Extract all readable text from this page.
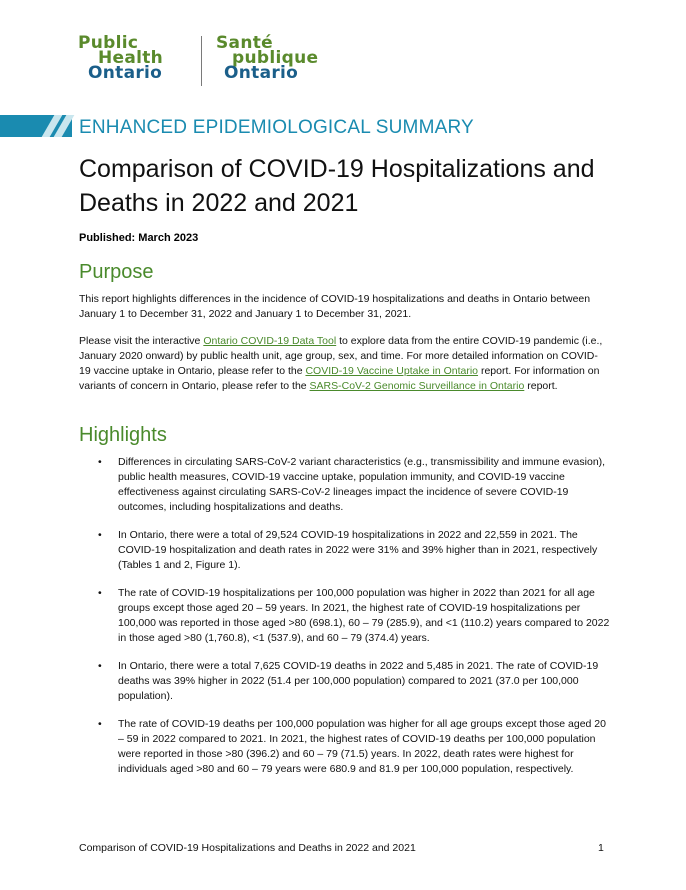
Public
Health
Ontario
Santé
publique
Ontario
ENHANCED EPIDEMIOLOGICAL SUMMARY
Comparison of COVID-19 Hospitalizations and Deaths in 2022 and 2021
Published: March 2023
Purpose
This report highlights differences in the incidence of COVID-19 hospitalizations and deaths in Ontario between January 1 to December 31, 2022 and January 1 to December 31, 2021.
Please visit the interactive Ontario COVID-19 Data Tool to explore data from the entire COVID-19 pandemic (i.e., January 2020 onward) by public health unit, age group, sex, and time. For more detailed information on COVID-19 vaccine uptake in Ontario, please refer to the COVID-19 Vaccine Uptake in Ontario report. For information on variants of concern in Ontario, please refer to the SARS-CoV-2 Genomic Surveillance in Ontario report.
Highlights
• Differences in circulating SARS-CoV-2 variant characteristics (e.g., transmissibility and immune evasion), public health measures, COVID-19 vaccine uptake, population immunity, and COVID-19 vaccine effectiveness against circulating SARS-CoV-2 lineages impact the incidence of severe COVID-19 outcomes, including hospitalizations and deaths.
• In Ontario, there were a total of 29,524 COVID-19 hospitalizations in 2022 and 22,559 in 2021. The COVID-19 hospitalization and death rates in 2022 were 31% and 39% higher than in 2021, respectively (Tables 1 and 2, Figure 1).
• The rate of COVID-19 hospitalizations per 100,000 population was higher in 2022 than 2021 for all age groups except those aged 20 – 59 years. In 2021, the highest rate of COVID-19 hospitalizations per 100,000 was reported in those aged >80 (698.1), 60 – 79 (285.9), and <1 (110.2) years compared to 2022 in those aged >80 (1,760.8), <1 (537.9), and 60 – 79 (374.4) years.
• In Ontario, there were a total 7,625 COVID-19 deaths in 2022 and 5,485 in 2021. The rate of COVID-19 deaths was 39% higher in 2022 (51.4 per 100,000 population) compared to 2021 (37.0 per 100,000 population).
• The rate of COVID-19 deaths per 100,000 population was higher for all age groups except those aged 20 – 59 in 2022 compared to 2021. In 2021, the highest rates of COVID-19 deaths per 100,000 population were reported in those >80 (396.2) and 60 – 79 (71.5) years. In 2022, death rates were highest for individuals aged >80 and 60 – 79 years were 680.9 and 81.9 per 100,000 population, respectively.
Comparison of COVID-19 Hospitalizations and Deaths in 2022 and 2021	1
